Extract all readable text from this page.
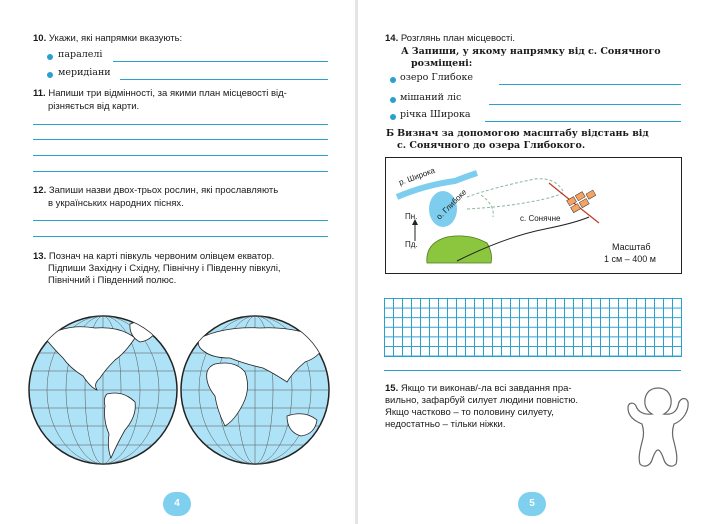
10. Укажи, які напрямки вказують:
паралелі
меридіани
11. Напиши три відмінності, за якими план місцевості від-
різняється від карти.
12. Запиши назви двох-трьох рослин, які прославляють
в українських народних піснях.
13. Познач на карті півкуль червоним олівцем екватор.
Підпиши Західну і Східну, Північну і Південну півкулі,
Північний і Південний полюс.
4
14. Розглянь план місцевості.
А Запиши, у якому напрямку від с. Сонячного
розміщені:
озеро Глибоке
мішаний ліс
річка Широка
Б Визнач за допомогою масштабу відстань від
с. Сонячного до озера Глибокого.
р. Широка
о. Глибоке	с. Сонячне
Пн.
Пд.	Масштаб
1 см – 400 м
15. Якщо ти виконав/-ла всі завдання пра-
вильно, зафарбуй силует людини повністю.
Якщо частково – то половину силуету,
недостатньо – тільки ніжки.
5
